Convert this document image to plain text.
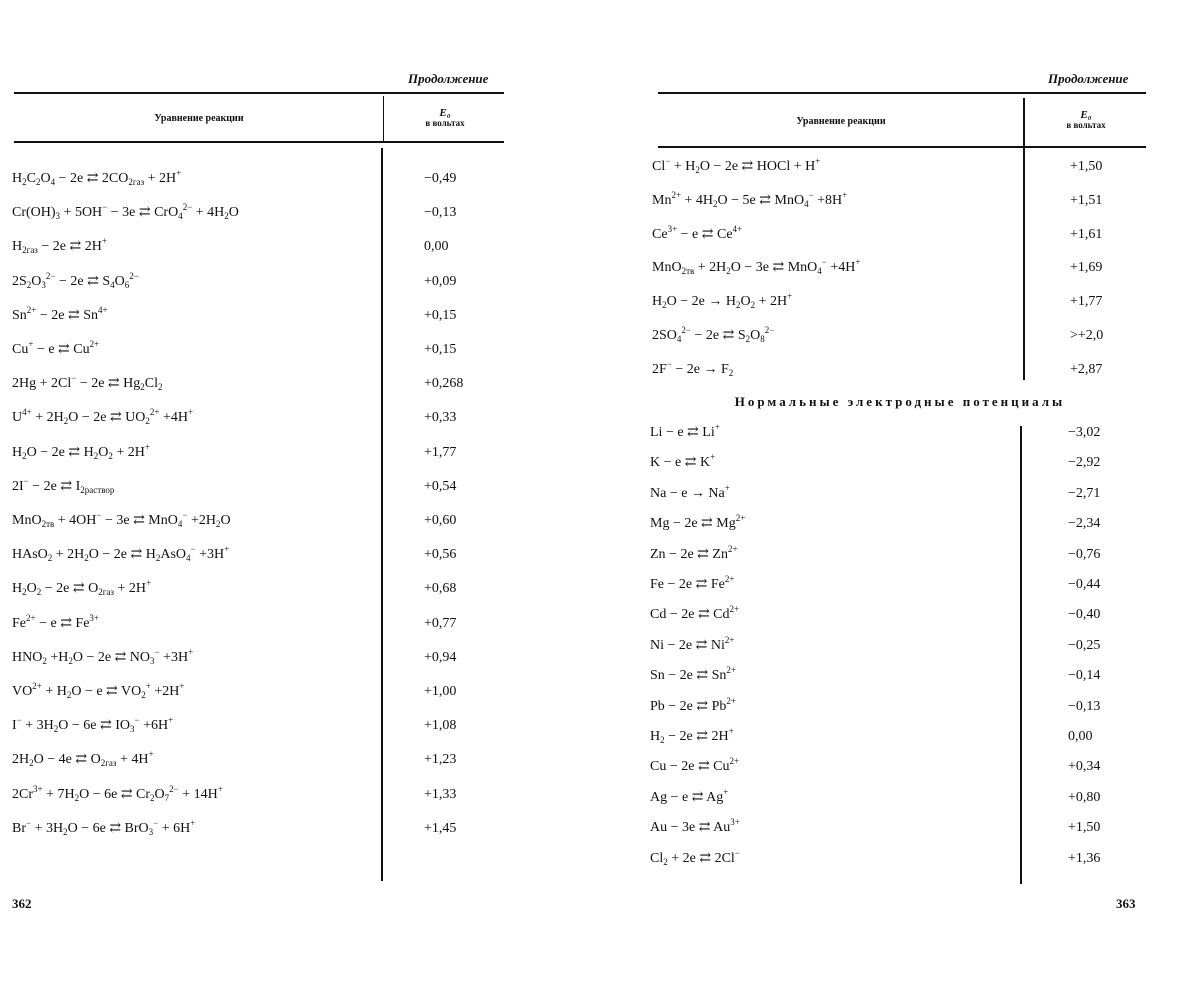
Продолжение
Уравнение реакции	E₀
в вольтах
$H_2C_2O_4 - 2e$ ⇄ $2CO_{2газ} + 2H^+$	−0,49
$Cr(OH)_3 + 5OH^- - 3e$ ⇄ $CrO_4^{2-} + 4H_2O$	−0,13
$H_{2газ} - 2e$ ⇄ 2H+	0,00
$2S_2O_3^{2-} - 2e$ ⇄ $S_4O_6^{2-}$	+0,09
$Sn^{2+} - 2e$ ⇄ $Sn^{4+}$	+0,15
Cu+ − e ⇄ $Cu^{2+}$	+0,15
2Hg + 2Cl− − 2e ⇄ $Hg_2Cl_2$	+0,268
$U^{4+} + 2H_2O - 2e$ ⇄ $UO_2^{2+} +4H^+$	+0,33
$H_2O - 2e$ ⇄ $H_2O_2 + 2H^+$	+1,77
2I− − 2e ⇄ $I_{2раствор}$	+0,54
MnO$_{2тв}$ + 4OH− − 3e ⇄ $MnO_4^- +2H_2O$	+0,60
HAsO$_2$ + $2H_2O - 2e$ ⇄ $H_2AsO_4^- +3H^+$	+0,56
$H_2O_2 - 2e$ ⇄ $O_{2газ} + 2H^+$	+0,68
$Fe^{2+} - e$ ⇄ $Fe^{3+}$	+0,77
$HNO_2 +H_2O - 2e$ ⇄ $NO_3^- +3H^+$	+0,94
$VO^{2+} + H_2O - e$ ⇄ $VO_2^+ +2H^+$	+1,00
$I^- + 3H_2O - 6e$ ⇄ $IO_3^- +6H^+$	+1,08
$2H_2O - 4e$ ⇄ $O_{2газ} + 4H^+$	+1,23
$2Cr^{3+} + 7H_2O - 6e$ ⇄ $Cr_2O_7^{2-} + 14H^+$	+1,33
$Br^- + 3H_2O - 6e$ ⇄ BrO$_3$− + 6H+	+1,45
362
Продолжение
Уравнение реакции
E₀
в вольтах
$Cl^- + H_2O - 2e$ ⇄ HOCl + H+	+1,50
$Mn^{2+} + 4H_2O - 5e$ ⇄ MnO$_4$− +8H+	+1,51
$Ce^{3+} - e$ ⇄ $Ce^{4+}$	+1,61
$MnO_{2тв} + 2H_2O - 3e$ ⇄ MnO$_4$− +4H+	+1,69
$H_2O - 2e \to H_2O_2 + 2H^+$	+1,77
$2SO_4^{2-} - 2e$ ⇄ $S_2O_8^{2-}$	>+2,0
$2F^- - 2e \to F_2$	+2,87
Нормальные электродные потенциалы
Li − e ⇄ Li+	−3,02
K − e ⇄ K+	−2,92
Na − e → Na+	−2,71
Mg − 2e ⇄ $Mg^{2+}$	−2,34
Zn − 2e ⇄ $Zn^{2+}$	−0,76
Fe − 2e ⇄ $Fe^{2+}$	−0,44
Cd − 2e ⇄ $Cd^{2+}$	−0,40
Ni − 2e ⇄ $Ni^{2+}$	−0,25
Sn − 2e ⇄ $Sn^{2+}$	−0,14
Pb − 2e ⇄ $Pb^{2+}$	−0,13
$H_2 - 2e$ ⇄ 2H+	0,00
Cu − 2e ⇄ $Cu^{2+}$	+0,34
Ag − e ⇄ Ag+	+0,80
Au − 3e ⇄ $Au^{3+}$	+1,50
$Cl_2 + 2e$ ⇄ 2Cl−	+1,36
363
